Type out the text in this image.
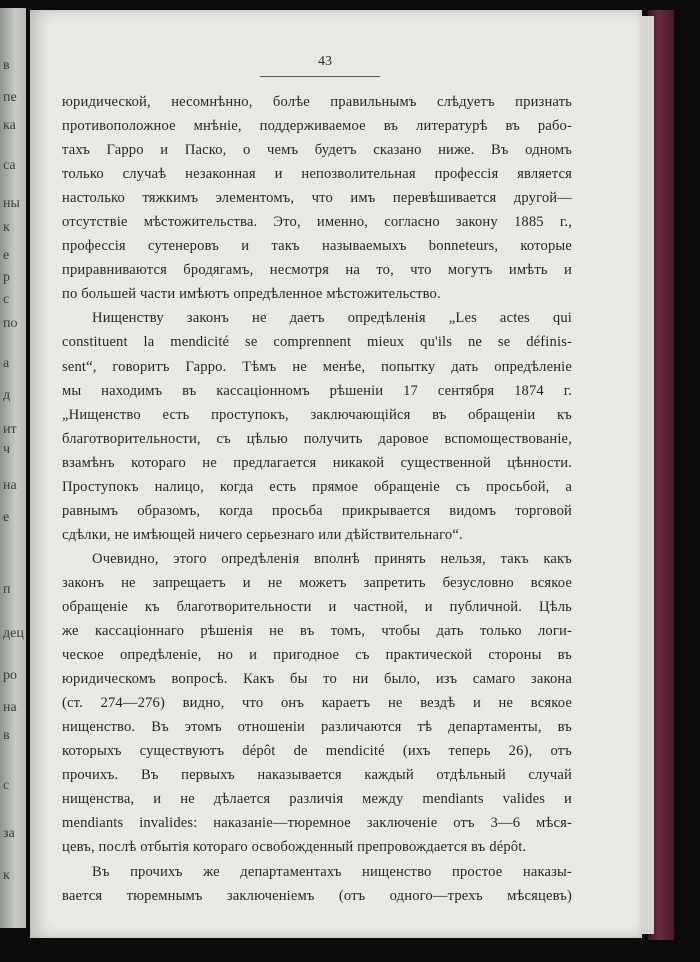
в
пе
ка
са
ны
к
е
р
с
по
а
д
ит
ч
на
е
п
дец
ро
на
в
с
за
к
43
юридической, несомнѣнно, болѣе правильнымъ слѣдуетъ признать
противоположное мнѣніе, поддерживаемое въ литературѣ въ рабо-
тахъ Гарро и Паско, о чемъ будетъ сказано ниже. Въ одномъ
только случаѣ незаконная и непозволительная профессія является
настолько тяжкимъ элементомъ, что имъ перевѣшивается другой—
отсутствіе мѣстожительства. Это, именно, согласно закону 1885 г.,
профессія сутенеровъ и такъ называемыхъ bonneteurs, которые
приравниваются бродягамъ, несмотря на то, что могутъ имѣть и
по большей части имѣютъ опредѣленное мѣстожительство.
Нищенству законъ не даетъ опредѣленія „Les actes qui
constituent la mendicité se comprennent mieux qu'ils ne se définis-
sent“, говоритъ Гарро. Тѣмъ не менѣе, попытку дать опредѣленіе
мы находимъ въ кассаціонномъ рѣшеніи 17 сентября 1874 г.
„Нищенство есть проступокъ, заключающійся въ обращеніи къ
благотворительности, съ цѣлью получить даровое вспомоществованіе,
взамѣнъ котораго не предлагается никакой существенной цѣнности.
Проступокъ налицо, когда есть прямое обращеніе съ просьбой, а
равнымъ образомъ, когда просьба прикрывается видомъ торговой
сдѣлки, не имѣющей ничего серьезнаго или дѣйствительнаго“.
Очевидно, этого опредѣленія вполнѣ принять нельзя, такъ какъ
законъ не запрещаетъ и не можетъ запретить безусловно всякое
обращеніе къ благотворительности и частной, и публичной. Цѣль
же кассаціоннаго рѣшенія не въ томъ, чтобы дать только логи-
ческое опредѣленіе, но и пригодное съ практической стороны въ
юридическомъ вопросѣ. Какъ бы то ни было, изъ самаго закона
(ст. 274—276) видно, что онъ караетъ не вездѣ и не всякое
нищенство. Въ этомъ отношеніи различаются тѣ департаменты, въ
которыхъ существуютъ dépôt de mendicité (ихъ теперь 26), отъ
прочихъ. Въ первыхъ наказывается каждый отдѣльный случай
нищенства, и не дѣлается различія между mendiants valides и
mendiants invalides: наказаніе—тюремное заключеніе отъ 3—6 мѣся-
цевъ, послѣ отбытія котораго освобожденный препровождается въ dépôt.
Въ прочихъ же департаментахъ нищенство простое наказы-
вается тюремнымъ заключеніемъ (отъ одного—трехъ мѣсяцевъ)
